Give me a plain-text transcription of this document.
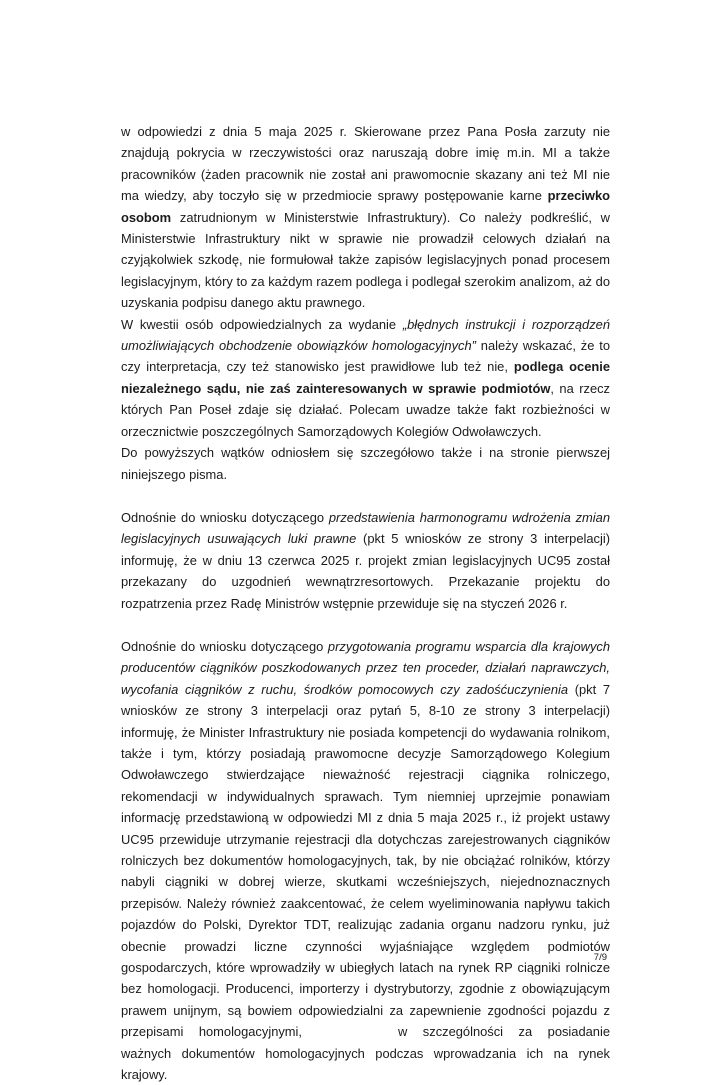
w odpowiedzi z dnia 5 maja 2025 r. Skierowane przez Pana Posła zarzuty nie znajdują pokrycia w rzeczywistości oraz naruszają dobre imię m.in. MI a także pracowników (żaden pracownik nie został ani prawomocnie skazany ani też MI nie ma wiedzy, aby toczyło się w przedmiocie sprawy postępowanie karne przeciwko osobom zatrudnionym w Ministerstwie Infrastruktury). Co należy podkreślić, w Ministerstwie Infrastruktury nikt w sprawie nie prowadził celowych działań na czyjąkolwiek szkodę, nie formułował także zapisów legislacyjnych ponad procesem legislacyjnym, który to za każdym razem podlega i podlegał szerokim analizom, aż do uzyskania podpisu danego aktu prawnego.

W kwestii osób odpowiedzialnych za wydanie „błędnych instrukcji i rozporządzeń umożliwiających obchodzenie obowiązków homologacyjnych” należy wskazać, że to czy interpretacja, czy też stanowisko jest prawidłowe lub też nie, podlega ocenie niezależnego sądu, nie zaś zainteresowanych w sprawie podmiotów, na rzecz których Pan Poseł zdaje się działać. Polecam uwadze także fakt rozbieżności w orzecznictwie poszczególnych Samorządowych Kolegiów Odwoławczych.

Do powyższych wątków odniosłem się szczegółowo także i na stronie pierwszej niniejszego pisma.

Odnośnie do wniosku dotyczącego przedstawienia harmonogramu wdrożenia zmian legislacyjnych usuwających luki prawne (pkt 5 wniosków ze strony 3 interpelacji) informuję, że w dniu 13 czerwca 2025 r. projekt zmian legislacyjnych UC95 został przekazany do uzgodnień wewnątrzresortowych. Przekazanie projektu do rozpatrzenia przez Radę Ministrów wstępnie przewiduje się na styczeń 2026 r.

Odnośnie do wniosku dotyczącego przygotowania programu wsparcia dla krajowych producentów ciągników poszkodowanych przez ten proceder, działań naprawczych, wycofania ciągników z ruchu, środków pomocowych czy zadośćuczynienia (pkt 7 wniosków ze strony 3 interpelacji oraz pytań 5, 8-10 ze strony 3 interpelacji) informuję, że Minister Infrastruktury nie posiada kompetencji do wydawania rolnikom, także i tym, którzy posiadają prawomocne decyzje Samorządowego Kolegium Odwoławczego stwierdzające nieważność rejestracji ciągnika rolniczego, rekomendacji w indywidualnych sprawach. Tym niemniej uprzejmie ponawiam informację przedstawioną w odpowiedzi MI z dnia 5 maja 2025 r., iż projekt ustawy UC95 przewiduje utrzymanie rejestracji dla dotychczas zarejestrowanych ciągników rolniczych bez dokumentów homologacyjnych, tak, by nie obciążać rolników, którzy nabyli ciągniki w dobrej wierze, skutkami wcześniejszych, niejednoznacznych przepisów. Należy również zaakcentować, że celem wyeliminowania napływu takich pojazdów do Polski, Dyrektor TDT, realizując zadania organu nadzoru rynku, już obecnie prowadzi liczne czynności wyjaśniające względem podmiotów gospodarczych, które wprowadziły w ubiegłych latach na rynek RP ciągniki rolnicze bez homologacji. Producenci, importerzy i dystrybutorzy, zgodnie z obowiązującym prawem unijnym, są bowiem odpowiedzialni za zapewnienie zgodności pojazdu z przepisami homologacyjnymi,	w szczególności za posiadanie ważnych dokumentów homologacyjnych podczas wprowadzania ich na rynek krajowy.

7/9
